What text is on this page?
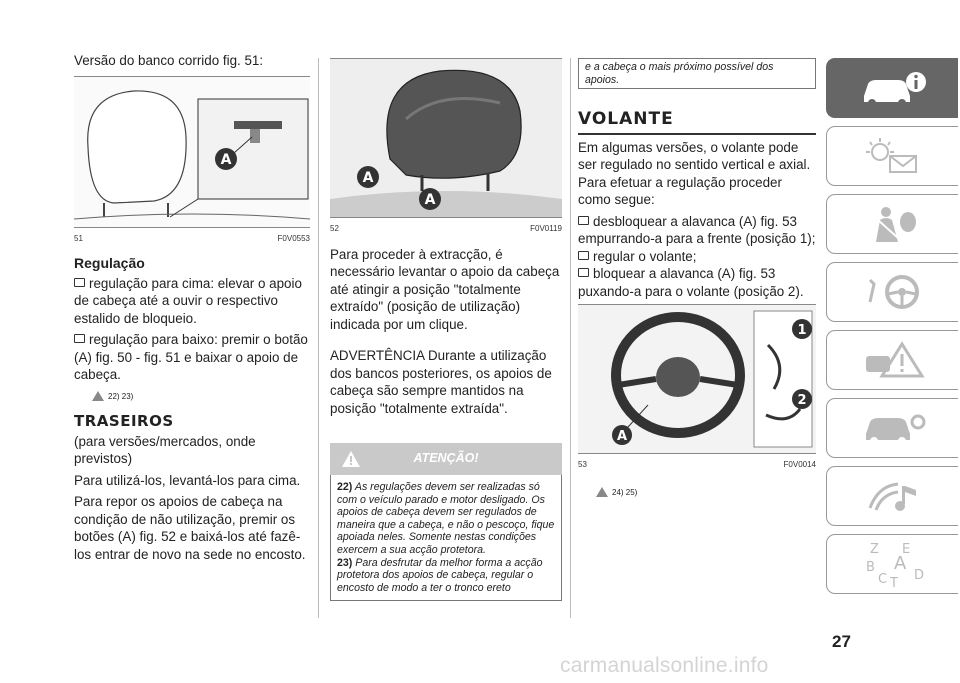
Versão do banco corrido fig. 51:

A
51	F0V0553
Regulação

regulação para cima: elevar o apoio de cabeça até a ouvir o respectivo estalido de bloqueio.

regulação para baixo: premir o botão (A) fig. 50 - fig. 51 e baixar o apoio de cabeça.

22) 23)
TRASEIROS

(para versões/mercados, onde previstos)

Para utilizá-los, levantá-los para cima.

Para repor os apoios de cabeça na condição de não utilização, premir os botões (A) fig. 52 e baixá-los até fazê-los entrar de novo na sede no encosto.

A
A
52	F0V0119

Para proceder à extracção, é necessário levantar o apoio da cabeça até atingir a posição "totalmente extraído" (posição de utilização) indicada por um clique.

ADVERTÊNCIA Durante a utilização dos bancos posteriores, os apoios de cabeça são sempre mantidos na posição "totalmente extraída".

ATENÇÃO!
22) As regulações devem ser realizadas só com o veículo parado e motor desligado. Os apoios de cabeça devem ser regulados de maneira que a cabeça, e não o pescoço, fique apoiada neles. Somente nestas condições exercem a sua acção protetora.
23) Para desfrutar da melhor forma a acção protetora dos apoios de cabeça, regular o encosto de modo a ter o tronco ereto
e a cabeça o mais próximo possível dos apoios.
VOLANTE

Em algumas versões, o volante pode ser regulado no sentido vertical e axial. Para efetuar a regulação proceder como segue:

desbloquear a alavanca (A) fig. 53 empurrando-a para a frente (posição 1);

regular o volante;

bloquear a alavanca (A) fig. 53 puxando-a para o volante (posição 2).

1
2
A
53	F0V0014
24) 25)
Z E
B A
D
C T
27
carmanualsonline.info
